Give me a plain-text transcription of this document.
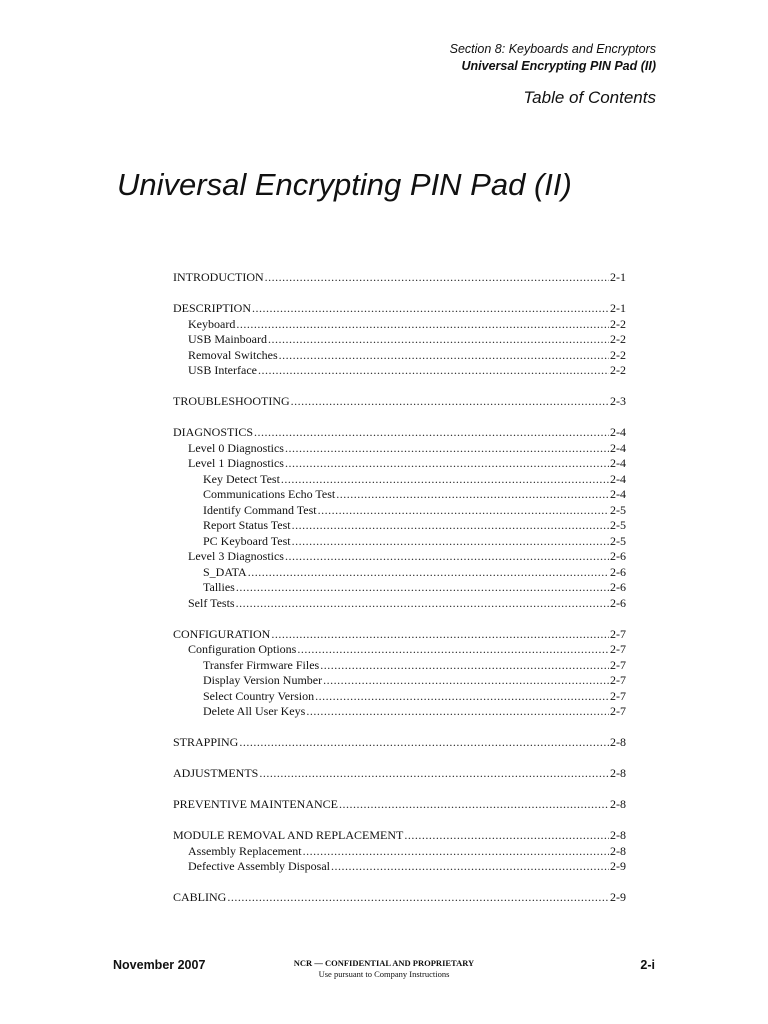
Section 8: Keyboards and Encryptors
Universal Encrypting PIN Pad (II)
Table of Contents
Universal Encrypting PIN Pad (II)
INTRODUCTION .....	2-1
DESCRIPTION .....	2-1
Keyboard .....	2-2
USB Mainboard .....	2-2
Removal Switches .....	2-2
USB Interface .....	2-2
TROUBLESHOOTING .....	2-3
DIAGNOSTICS .....	2-4
Level 0 Diagnostics .....	2-4
Level 1 Diagnostics .....	2-4
Key Detect Test .....	2-4
Communications Echo Test .....	2-4
Identify Command Test .....	2-5
Report Status Test .....	2-5
PC Keyboard Test .....	2-5
Level 3 Diagnostics .....	2-6
S_DATA .....	2-6
Tallies .....	2-6
Self Tests .....	2-6
CONFIGURATION .....	2-7
Configuration Options .....	2-7
Transfer Firmware Files .....	2-7
Display Version Number .....	2-7
Select Country Version .....	2-7
Delete All User Keys .....	2-7
STRAPPING .....	2-8
ADJUSTMENTS .....	2-8
PREVENTIVE MAINTENANCE .....	2-8
MODULE REMOVAL AND REPLACEMENT .....	2-8
Assembly Replacement .....	2-8
Defective Assembly Disposal .....	2-9
CABLING .....	2-9
November 2007	NCR — CONFIDENTIAL AND PROPRIETARY
Use pursuant to Company Instructions
2-i
